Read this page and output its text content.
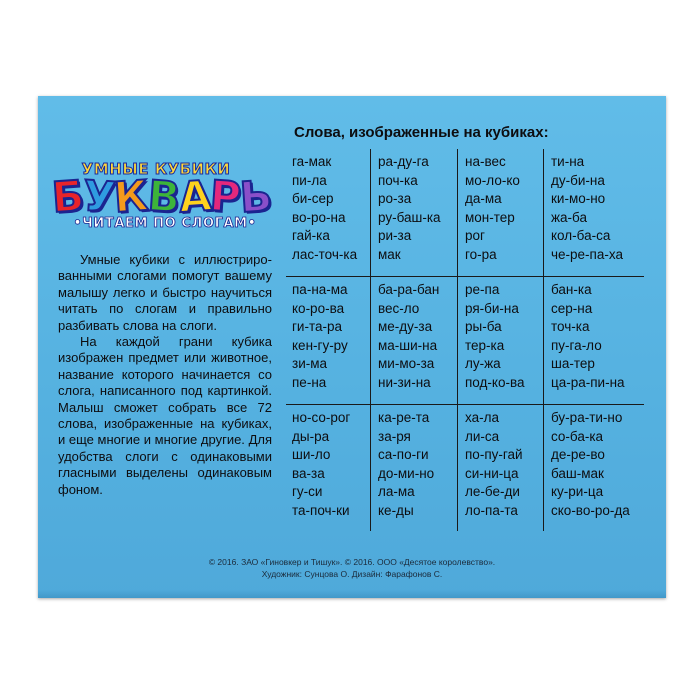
УМНЫЕ КУБИКИ
Б
У
К
В
А
Р
Ь
•ЧИТАЕМ ПО СЛОГАМ•

Умные кубики с иллюстрированными слогами помогут вашему малышу легко и быстро научиться читать по слогам и правильно разбивать слова на слоги.

На каждой грани кубика изображен предмет или животное, название которого начинается со слога, написанного под картинкой. Малыш сможет собрать все 72 слова, изображенные на кубиках, и еще многие и многие другие. Для удобства слоги с одинаковыми гласными выделены одинаковым фоном.

Слова, изображенные на кубиках:
га-мак
пи-ла
би-сер
во-ро-на
гай-ка
лас-точ-ка
ра-ду-га
поч-ка
ро-за
ру-баш-ка
ри-за
мак
на-вес
мо-ло-ко
да-ма
мон-тер
рог
го-ра
ти-на
ду-би-на
ки-мо-но
жа-ба
кол-ба-са
че-ре-па-ха
па-на-ма
ко-ро-ва
ги-та-ра
кен-гу-ру
зи-ма
пе-на
ба-ра-бан
вес-ло
ме-ду-за
ма-ши-на
ми-мо-за
ни-зи-на
ре-па
ря-би-на
ры-ба
тер-ка
лу-жа
под-ко-ва
бан-ка
сер-на
точ-ка
пу-га-ло
ша-тер
ца-ра-пи-на
но-со-рог
ды-ра
ши-ло
ва-за
гу-си
та-поч-ки
ка-ре-та
за-ря
са-по-ги
до-ми-но
ла-ма
ке-ды
ха-ла
ли-са
по-пу-гай
си-ни-ца
ле-бе-ди
ло-па-та
бу-ра-ти-но
со-ба-ка
де-ре-во
баш-мак
ку-ри-ца
ско-во-ро-да
© 2016. ЗАО «Гиновкер и Тишук». © 2016. ООО «Десятое королевство».
Художник: Сунцова О. Дизайн: Фарафонов С.
